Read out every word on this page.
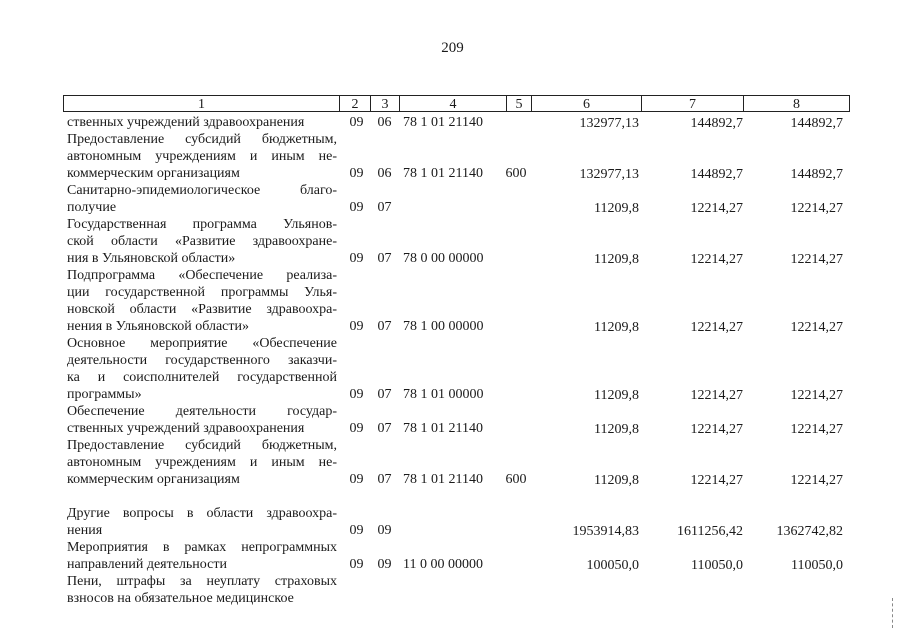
209
1	2	3	4	5	6	7	8
ственных учреждений здравоохранения	09	06 78 1 01 21140	132977,13	144892,7	144892,7
Предоставление субсидий бюджетным,
автономным учреждениям и иным не-
коммерческим организациям	09	06 78 1 01 21140	600	132977,13	144892,7	144892,7
Санитарно-эпидемиологическое благо-
получие	09	07	11209,8	12214,27	12214,27
Государственная программа Ульянов-
ской области «Развитие здравоохране-
ния в Ульяновской области»	09	07 78 0 00 00000	11209,8	12214,27	12214,27
Подпрограмма «Обеспечение реализа-
ции государственной программы Улья-
новской области «Развитие здравоохра-
нения в Ульяновской области»	09	07 78 1 00 00000	11209,8	12214,27	12214,27
Основное мероприятие «Обеспечение
деятельности государственного заказчи-
ка и соисполнителей государственной
программы»	09	07 78 1 01 00000	11209,8	12214,27	12214,27
Обеспечение деятельности государ-
ственных учреждений здравоохранения	09	07 78 1 01 21140	11209,8	12214,27	12214,27
Предоставление субсидий бюджетным,
автономным учреждениям и иным не-
коммерческим организациям	09	07 78 1 01 21140	600	11209,8	12214,27	12214,27
Другие вопросы в области здравоохра-
нения	09	09	1953914,83	1611256,42	1362742,82
Мероприятия в рамках непрограммных
направлений деятельности	09	09 11 0 00 00000	100050,0	110050,0	110050,0
Пени, штрафы за неуплату страховых
взносов на обязательное медицинское
